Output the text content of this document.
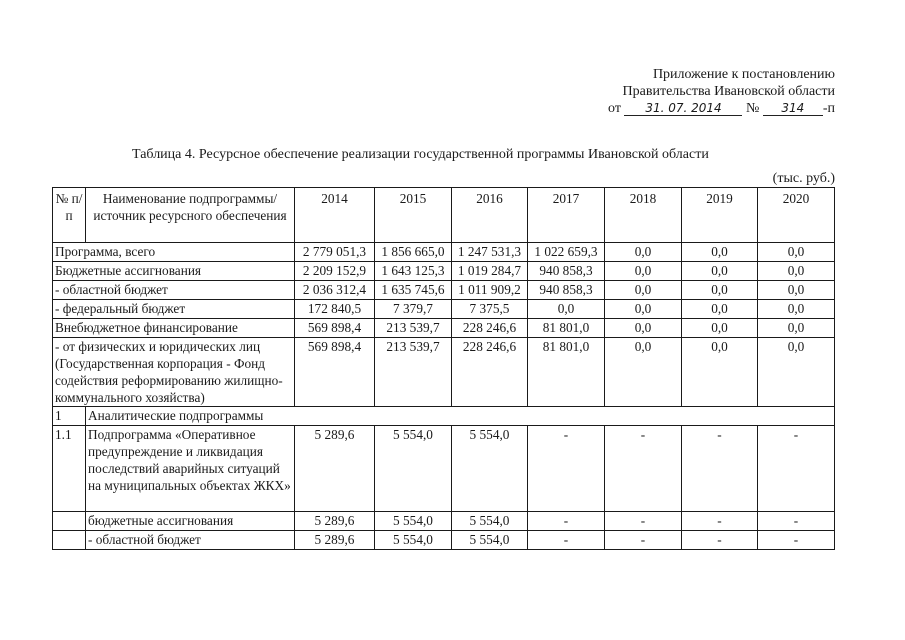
Приложение к постановлению
Правительства Ивановской области
от 31. 07. 2014 № 314 -п
Таблица 4. Ресурсное обеспечение реализации государственной программы Ивановской области
(тыс. руб.)
№ п/п	Наименование подпрограммы/ источник ресурсного обеспечения	2014	2015	2016	2017	2018	2019	2020
Программа, всего		2 779 051,3	1 856 665,0	1 247 531,3	1 022 659,3	0,0	0,0	0,0
Бюджетные ассигнования		2 209 152,9	1 643 125,3	1 019 284,7	940 858,3	0,0	0,0	0,0
- областной бюджет		2 036 312,4	1 635 745,6	1 011 909,2	940 858,3	0,0	0,0	0,0
- федеральный бюджет		172 840,5	7 379,7	7 375,5	0,0	0,0	0,0	0,0
Внебюджетное финансирование		569 898,4	213 539,7	228 246,6	81 801,0	0,0	0,0	0,0
- от физических и юридических лиц (Государственная корпорация - Фонд содействия реформированию жилищно-коммунального хозяйства)		569 898,4	213 539,7	228 246,6	81 801,0	0,0	0,0	0,0
1	Аналитические подпрограммы							
1.1	Подпрограмма «Оперативное предупреждение и ликвидация последствий аварийных ситуаций на муниципальных объектах ЖКХ»	5 289,6	5 554,0	5 554,0	-	-	-	-
	бюджетные ассигнования	5 289,6	5 554,0	5 554,0	-	-	-	-
	- областной бюджет	5 289,6	5 554,0	5 554,0	-	-	-	-
